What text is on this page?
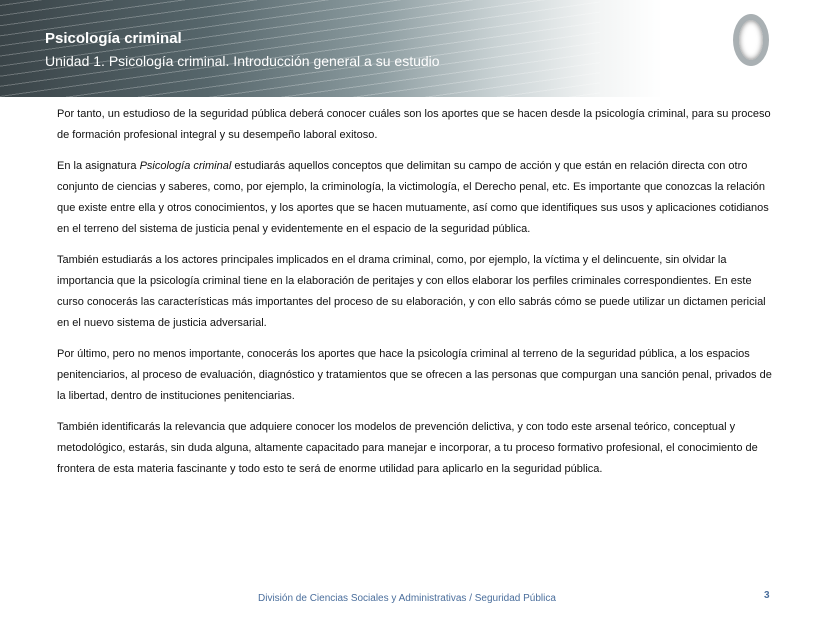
Psicología criminal
Unidad 1. Psicología criminal. Introducción general a su estudio

Por tanto, un estudioso de la seguridad pública deberá conocer cuáles son los aportes que se hacen desde la psicología criminal, para su proceso de formación profesional integral y su desempeño laboral exitoso.

En la asignatura Psicología criminal estudiarás aquellos conceptos que delimitan su campo de acción y que están en relación directa con otro conjunto de ciencias y saberes, como, por ejemplo, la criminología, la victimología, el Derecho penal, etc. Es importante que conozcas la relación que existe entre ella y otros conocimientos, y los aportes que se hacen mutuamente, así como que identifiques sus usos y aplicaciones cotidianos en el terreno del sistema de justicia penal y evidentemente en el espacio de la seguridad pública.

También estudiarás a los actores principales implicados en el drama criminal, como, por ejemplo, la víctima y el delincuente, sin olvidar la importancia que la psicología criminal tiene en la elaboración de peritajes y con ellos elaborar los perfiles criminales correspondientes. En este curso conocerás las características más importantes del proceso de su elaboración, y con ello sabrás cómo se puede utilizar un dictamen pericial en el nuevo sistema de justicia adversarial.

Por último, pero no menos importante, conocerás los aportes que hace la psicología criminal al terreno de la seguridad pública, a los espacios penitenciarios, al proceso de evaluación, diagnóstico y tratamientos que se ofrecen a las personas que compurgan una sanción penal, privados de la libertad, dentro de instituciones penitenciarias.

También identificarás la relevancia que adquiere conocer los modelos de prevención delictiva, y con todo este arsenal teórico, conceptual y metodológico, estarás, sin duda alguna, altamente capacitado para manejar e incorporar, a tu proceso formativo profesional, el conocimiento de frontera de esta materia fascinante y todo esto te será de enorme utilidad para aplicarlo en la seguridad pública.

División de Ciencias Sociales y Administrativas / Seguridad Pública	3
